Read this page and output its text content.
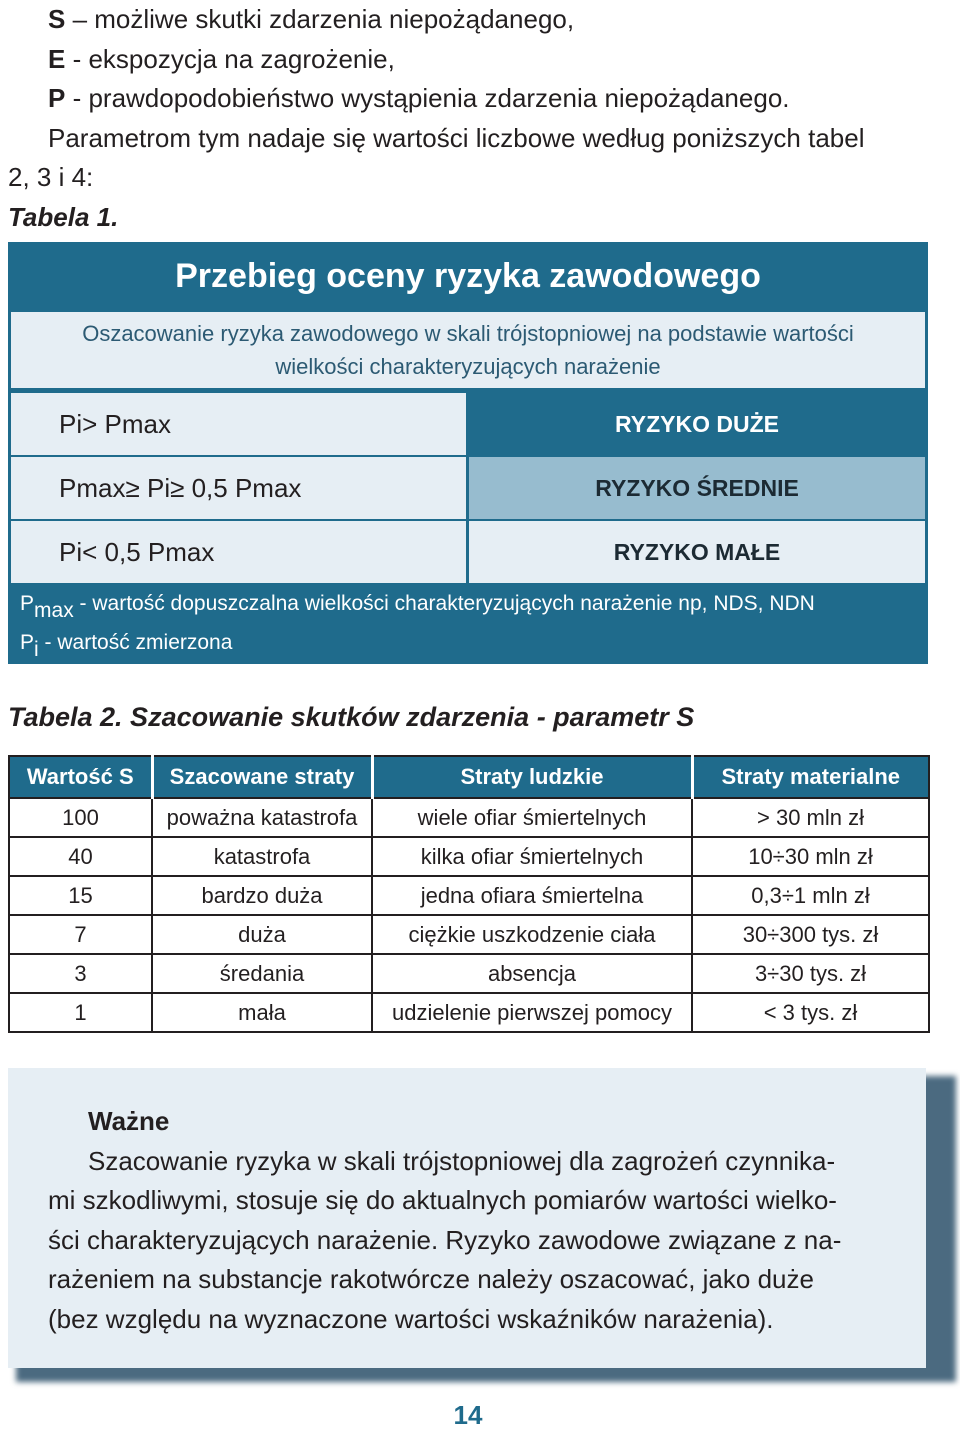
S – możliwe skutki zdarzenia niepożądanego,

E - ekspozycja na zagrożenie,

P - prawdopodobieństwo wystąpienia zdarzenia niepożądanego.

Parametrom tym nadaje się wartości liczbowe według poniższych tabel

2, 3 i 4:

Tabela 1.

Przebieg oceny ryzyka zawodowego
Oszacowanie ryzyka zawodowego w skali trójstopniowej na podstawie wartości
wielkości charakteryzujących narażenie
P i > P max	RYZYKO DUŻE
P max ≥ P i ≥ 0,5 P max	RYZYKO ŚREDNIE
P i < 0,5 P max	RYZYKO MAŁE
$P_{max}$ - wartość dopuszczalna wielkości charakteryzujących narażenie np, NDS, NDN
$P_i$ - wartość zmierzona
Tabela 2. Szacowanie skutków zdarzenia - parametr S
Wartość S	Szacowane straty	Straty ludzkie	Straty materialne
100	poważna katastrofa	wiele ofiar śmiertelnych	> 30 mln zł
40	katastrofa	kilka ofiar śmiertelnych	10÷30 mln zł
15	bardzo duża	jedna ofiara śmiertelna	0,3÷1 mln zł
7	duża	ciężkie uszkodzenie ciała	30÷300 tys. zł
3	średania	absencja	3÷30 tys. zł
1	mała	udzielenie pierwszej pomocy	< 3 tys. zł

Ważne

Szacowanie ryzyka w skali trójstopniowej dla zagrożeń czynnika-

mi szkodliwymi, stosuje się do aktualnych pomiarów wartości wielko-

ści charakteryzujących narażenie. Ryzyko zawodowe związane z na-

rażeniem na substancje rakotwórcze należy oszacować, jako duże

(bez względu na wyznaczone wartości wskaźników narażenia).

14
